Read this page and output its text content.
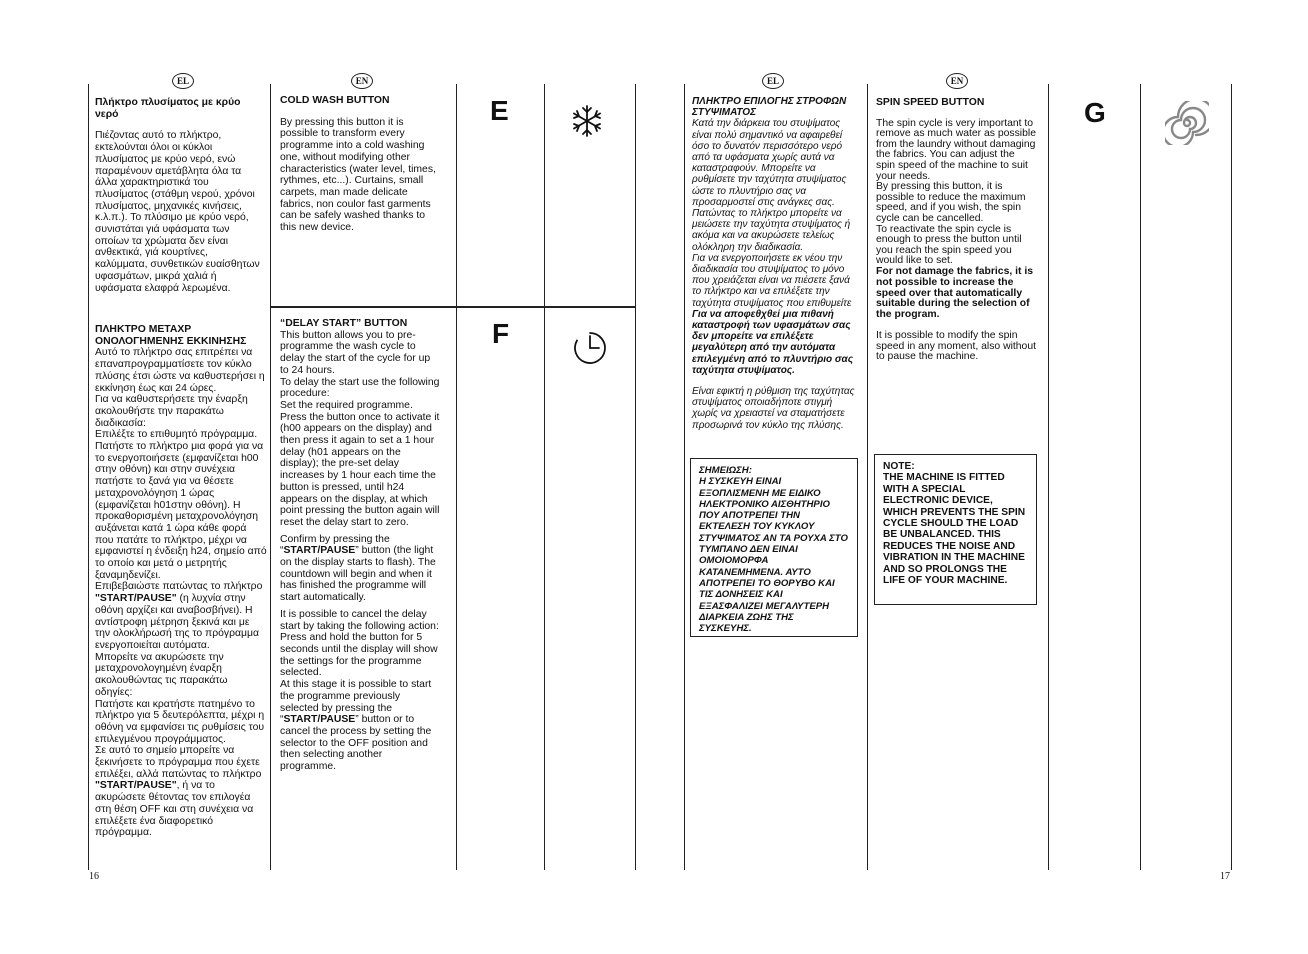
EL	EN

Πλήκτρο πλυσίματος με κρύο νερό

Πιέζοντας αυτό το πλήκτρο, εκτελούνται όλοι οι κύκλοι πλυσίματος με κρύο νερό, ενώ παραμένουν αμετάβλητα όλα τα άλλα χαρακτηριστικά του πλυσίματος (στάθμη νερού, χρόνοι πλυσίματος, μηχανικές κινήσεις, κ.λ.π.). Το πλύσιμο με κρύο νερό, συνιστάται γιά υφάσματα των οποίων τα χρώματα δεν είναι ανθεκτικά, γιά κουρτίνες, καλύμματα, συνθετικών ευαίσθητων υφασμάτων, μικρά χαλιά ή υφάσματα ελαφρά λερωμένα.

COLD WASH BUTTON

By pressing this button it is possible to transform every programme into a cold washing one, without modifying other characteristics (water level, times, rythmes, etc...). Curtains, small carpets, man made delicate fabrics, non coulor fast garments can be safely washed thanks to this new device.

E

ΠΛΗΚΤΡΟ ΜΕΤΑΧΡ ΟΝΟΛΟΓΗΜΕΝΗΣ ΕΚΚΙΝΗΣΗΣ

Αυτό το πλήκτρο σας επιτρέπει να επαναπρογραμματίσετε τον κύκλο πλύσης έτσι ώστε να καθυστερήσει η εκκίνηση έως και 24 ώρες.
Για να καθυστερήσετε την έναρξη ακολουθήστε την παρακάτω διαδικασία:
Επιλέξτε το επιθυμητό πρόγραμμα.
Πατήστε το πλήκτρο μια φορά για να το ενεργοποιήσετε (εμφανίζεται h00 στην οθόνη) και στην συνέχεια πατήστε το ξανά για να θέσετε μεταχρονολόγηση 1 ώρας (εμφανίζεται h01στην οθόνη). Η προκαθορισμένη μεταχρονολόγηση αυξάνεται κατά 1 ώρα κάθε φορά που πατάτε το πλήκτρο, μέχρι να εμφανιστεί η ένδειξη h24, σημείο από το οποίο και μετά ο μετρητής ξαναμηδενίζει.
Επιβεβαιώστε πατώντας το πλήκτρο "START/PAUSE" (η λυχνία στην οθόνη αρχίζει και αναβοσβήνει). Η αντίστροφη μέτρηση ξεκινά και με την ολοκλήρωσή της το πρόγραμμα ενεργοποιείται αυτόματα.
Μπορείτε να ακυρώσετε την μεταχρονολογημένη έναρξη ακολουθώντας τις παρακάτω οδηγίες:
Πατήστε και κρατήστε πατημένο το πλήκτρο για 5 δευτερόλεπτα, μέχρι η οθόνη να εμφανίσει τις ρυθμίσεις του επιλεγμένου προγράμματος.
Σε αυτό το σημείο μπορείτε να ξεκινήσετε το πρόγραμμα που έχετε επιλέξει, αλλά πατώντας το πλήκτρο "START/PAUSE", ή να το ακυρώσετε θέτοντας τον επιλογέα στη θέση OFF και στη συνέχεια να επιλέξετε ένα διαφορετικό πρόγραμμα.

“DELAY START” BUTTON

This button allows you to pre-programme the wash cycle to delay the start of the cycle for up to 24 hours.
To delay the start use the following procedure:
Set the required programme.
Press the button once to activate it (h00 appears on the display) and then press it again to set a 1 hour delay (h01 appears on the display); the pre-set delay increases by 1 hour each time the button is pressed, until h24 appears on the display, at which point pressing the button again will reset the delay start to zero.

Confirm by pressing the “START/PAUSE” button (the light on the display starts to flash). The countdown will begin and when it has finished the programme will start automatically.

It is possible to cancel the delay start by taking the following action:
Press and hold the button for 5 seconds until the display will show the settings for the programme selected.
At this stage it is possible to start the programme previously selected by pressing the “START/PAUSE” button or to cancel the process by setting the selector to the OFF position and then selecting another programme.

F
16
EL	EN

ΠΛΗΚΤΡΟ ΕΠΙΛΟΓΗΣ ΣΤΡΟΦΩΝ ΣΤΥΨΙΜΑΤΟΣ

Κατά την διάρκεια του στυψίματος είναι πολύ σημαντικό να αφαιρεθεί όσο το δυνατόν περισσότερο νερό από τα υφάσματα χωρίς αυτά να καταστραφούν. Μπορείτε να ρυθμίσετε την ταχύτητα στυψίματος ώστε το πλυντήριο σας να προσαρμοστεί στις ανάγκες σας.
Πατώντας το πλήκτρο μπορείτε να μειώσετε την ταχύτητα στυψίματος ή ακόμα και να ακυρώσετε τελείως ολόκληρη την διαδικασία.
Για να ενεργοποιήσετε εκ νέου την διαδικασία του στυψίματος το μόνο που χρειάζεται είναι να πιέσετε ξανά το πλήκτρο και να επιλέξετε την ταχύτητα στυψίματος που επιθυμείτε

Για να αποφεθχθεί μια πιθανή καταστροφή των υφασμάτων σας δεν μπορείτε να επιλέξετε μεγαλύτερη από την αυτόματα επιλεγμένη από το πλυντήριο σας ταχύτητα στυψίματος.

Είναι εφικτή η ρύθμιση της ταχύτητας στυψίματος οποιαδήποτε στιγμή χωρίς να χρειαστεί να σταματήσετε προσωρινά τον κύκλο της πλύσης.

ΣΗΜΕΙΩΣΗ:
Η ΣΥΣΚΕΥΗ ΕΙΝΑΙ ΕΞΟΠΛΙΣΜΕΝΗ ΜΕ ΕΙΔΙΚΟ ΗΛΕΚΤΡΟΝΙΚΟ ΑΙΣΘΗΤΗΡΙΟ ΠΟΥ ΑΠΟΤΡΕΠΕΙ ΤΗΝ ΕΚΤΕΛΕΣΗ ΤΟΥ ΚΥΚΛΟΥ ΣΤΥΨΙΜΑΤΟΣ ΑΝ ΤΑ ΡΟΥΧΑ ΣΤΟ ΤΥΜΠΑΝΟ ΔΕΝ ΕΙΝΑΙ ΟΜΟΙΟΜΟΡΦΑ ΚΑΤΑΝΕΜΗΜΕΝΑ. ΑΥΤΟ ΑΠΟΤΡΕΠΕΙ ΤΟ ΘΟΡΥΒΟ ΚΑΙ ΤΙΣ ΔΟΝΗΣΕΙΣ ΚΑΙ ΕΞΑΣΦΑΛΙΖΕΙ ΜΕΓΑΛΥΤΕΡΗ ΔΙΑΡΚΕΙΑ ΖΩΗΣ ΤΗΣ ΣΥΣΚΕΥΗΣ.

SPIN SPEED BUTTON

The spin cycle is very important to remove as much water as possible from the laundry without damaging the fabrics. You can adjust the spin speed of the machine to suit your needs.
By pressing this button, it is possible to reduce the maximum speed, and if you wish, the spin cycle can be cancelled.
To reactivate the spin cycle is enough to press the button until you reach the spin speed you would like to set.

For not damage the fabrics, it is not possible to increase the speed over that automatically suitable during the selection of the program.

It is possible to modify the spin speed in any moment, also without to pause the machine.

NOTE:
THE MACHINE IS FITTED WITH A SPECIAL ELECTRONIC DEVICE, WHICH PREVENTS THE SPIN CYCLE SHOULD THE LOAD BE UNBALANCED. THIS REDUCES THE NOISE AND VIBRATION IN THE MACHINE AND SO PROLONGS THE LIFE OF YOUR MACHINE.

G
17
